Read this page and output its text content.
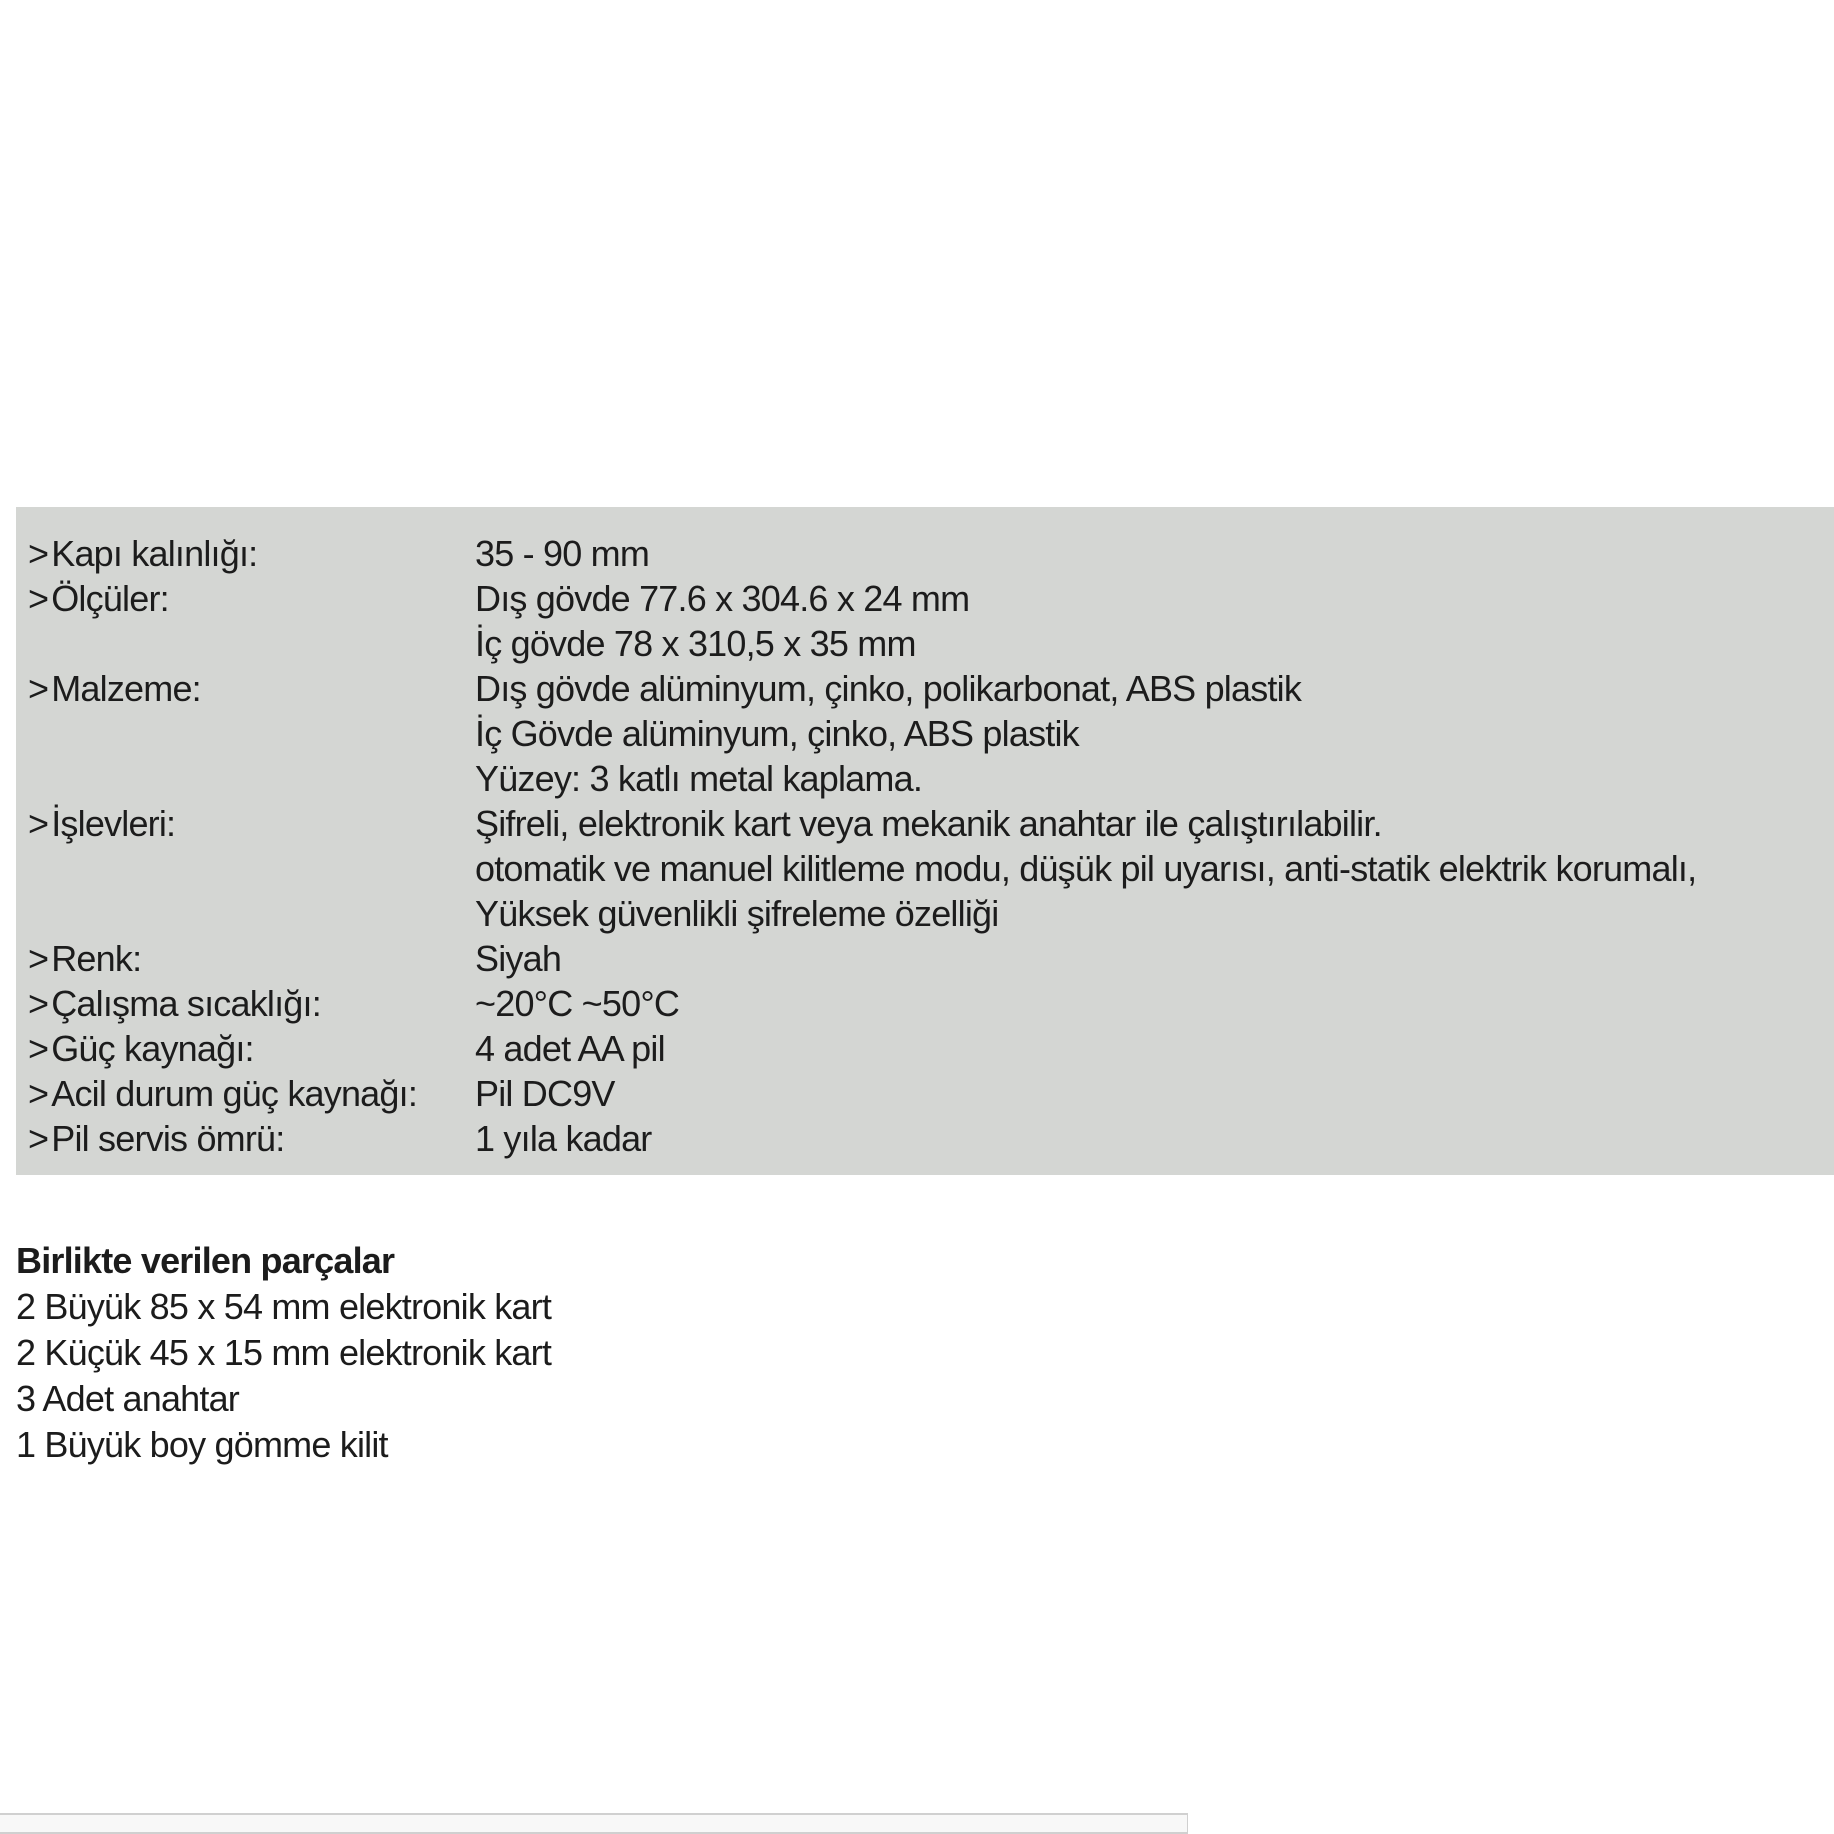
> Kapı kalınlığı:	35 - 90 mm
> Ölçüler:	Dış gövde 77.6 x 304.6 x 24 mm
İç gövde 78 x 310,5 x 35 mm
> Malzeme:	Dış gövde alüminyum, çinko, polikarbonat, ABS plastik
İç Gövde alüminyum, çinko, ABS plastik
Yüzey: 3 katlı metal kaplama.
> İşlevleri:	Şifreli, elektronik kart veya mekanik anahtar ile çalıştırılabilir.
otomatik ve manuel kilitleme modu, düşük pil uyarısı, anti-statik elektrik korumalı,
Yüksek güvenlikli şifreleme özelliği
> Renk:	Siyah
> Çalışma sıcaklığı:	~20°C ~50°C
> Güç kaynağı:	4 adet AA pil
> Acil durum güç kaynağı: Pil DC9V
> Pil servis ömrü:	1 yıla kadar
Birlikte verilen parçalar
2 Büyük 85 x 54 mm elektronik kart
2 Küçük 45 x 15 mm elektronik kart
3 Adet anahtar
1 Büyük boy gömme kilit
